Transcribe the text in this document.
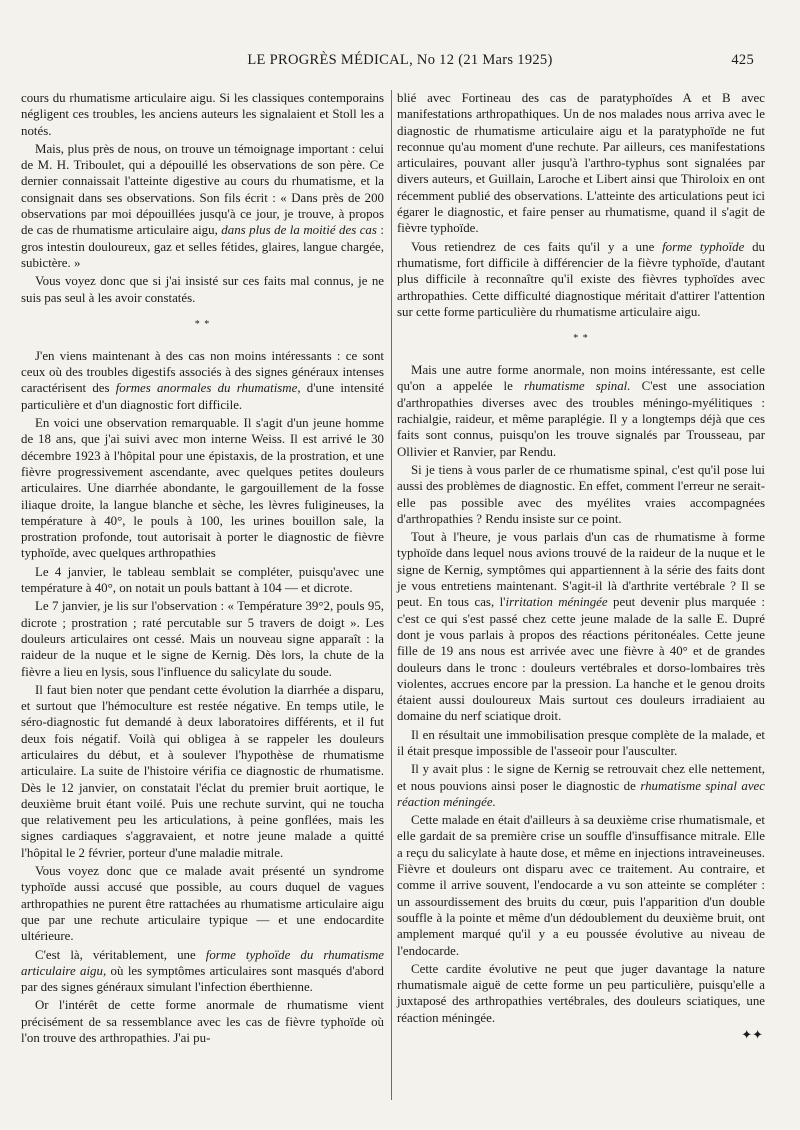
LE PROGRÈS MÉDICAL, No 12 (21 Mars 1925)	425

cours du rhumatisme articulaire aigu. Si les classiques contemporains négligent ces troubles, les anciens auteurs les signalaient et Stoll les a notés.

Mais, plus près de nous, on trouve un témoignage important : celui de M. H. Triboulet, qui a dépouillé les observations de son père. Ce dernier connaissait l'atteinte digestive au cours du rhumatisme, et la consignait dans ses observations. Son fils écrit : « Dans près de 200 observations par moi dépouillées jusqu'à ce jour, je trouve, à propos de cas de rhumatisme articulaire aigu, dans plus de la moitié des cas : gros intestin douloureux, gaz et selles fétides, glaires, langue chargée, subictère. »

Vous voyez donc que si j'ai insisté sur ces faits mal connus, je ne suis pas seul à les avoir constatés.

* *

J'en viens maintenant à des cas non moins intéressants : ce sont ceux où des troubles digestifs associés à des signes généraux intenses caractérisent des formes anormales du rhumatisme, d'une intensité particulière et d'un diagnostic fort difficile.

En voici une observation remarquable. Il s'agit d'un jeune homme de 18 ans, que j'ai suivi avec mon interne Weiss. Il est arrivé le 30 décembre 1923 à l'hôpital pour une épistaxis, de la prostration, et une fièvre progressivement ascendante, avec quelques petites douleurs articulaires. Une diarrhée abondante, le gargouillement de la fosse iliaque droite, la langue blanche et sèche, les lèvres fuligineuses, la température à 40°, le pouls à 100, les urines bouillon sale, la prostration profonde, tout autorisait à porter le diagnostic de fièvre typhoïde, avec quelques arthropathies

Le 4 janvier, le tableau semblait se compléter, puisqu'avec une température à 40°, on notait un pouls battant à 104 — et dicrote.

Le 7 janvier, je lis sur l'observation : « Température 39°2, pouls 95, dicrote ; prostration ; raté percutable sur 5 travers de doigt ». Les douleurs articulaires ont cessé. Mais un nouveau signe apparaît : la raideur de la nuque et le signe de Kernig. Dès lors, la chute de la fièvre a lieu en lysis, sous l'influence du salicylate du soude.

Il faut bien noter que pendant cette évolution la diarrhée a disparu, et surtout que l'hémoculture est restée négative. En temps utile, le séro-diagnostic fut demandé à deux laboratoires différents, et il fut deux fois négatif. Voilà qui obligea à se rappeler les douleurs articulaires du début, et à soulever l'hypothèse de rhumatisme articulaire. La suite de l'histoire vérifia ce diagnostic de rhumatisme. Dès le 12 janvier, on constatait l'éclat du premier bruit aortique, le deuxième bruit étant voilé. Puis une rechute survint, qui ne toucha que relativement peu les articulations, à peine gonflées, mais les signes cardiaques s'aggravaient, et notre jeune malade a quitté l'hôpital le 2 février, porteur d'une maladie mitrale.

Vous voyez donc que ce malade avait présenté un syndrome typhoïde aussi accusé que possible, au cours duquel de vagues arthropathies ne purent être rattachées au rhumatisme articulaire aigu que par une rechute articulaire typique — et une endocardite ultérieure.

C'est là, véritablement, une forme typhoïde du rhumatisme articulaire aigu, où les symptômes articulaires sont masqués d'abord par des signes généraux simulant l'infection éberthienne.

Or l'intérêt de cette forme anormale de rhumatisme vient précisément de sa ressemblance avec les cas de fièvre typhoïde où l'on trouve des arthropathies. J'ai pu-

blié avec Fortineau des cas de paratyphoïdes A et B avec manifestations arthropathiques. Un de nos malades nous arriva avec le diagnostic de rhumatisme articulaire aigu et la paratyphoïde ne fut reconnue qu'au moment d'une rechute. Par ailleurs, ces manifestations articulaires, pouvant aller jusqu'à l'arthro-typhus sont signalées par divers auteurs, et Guillain, Laroche et Libert ainsi que Thiroloix en ont récemment publié des observations. L'atteinte des articulations peut ici égarer le diagnostic, et faire penser au rhumatisme, quand il s'agit de fièvre typhoïde.

Vous retiendrez de ces faits qu'il y a une forme typhoïde du rhumatisme, fort difficile à différencier de la fièvre typhoïde, d'autant plus difficile à reconnaître qu'il existe des fièvres typhoïdes avec arthropathies. Cette difficulté diagnostique méritait d'attirer l'attention sur cette forme particulière du rhumatisme articulaire aigu.

* *

Mais une autre forme anormale, non moins intéressante, est celle qu'on a appelée le rhumatisme spinal. C'est une association d'arthropathies diverses avec des troubles méningo-myélitiques : rachialgie, raideur, et même paraplégie. Il y a longtemps déjà que ces faits sont connus, puisqu'on les trouve signalés par Trousseau, par Ollivier et Ranvier, par Rendu.

Si je tiens à vous parler de ce rhumatisme spinal, c'est qu'il pose lui aussi des problèmes de diagnostic. En effet, comment l'erreur ne serait-elle pas possible avec des myélites vraies accompagnées d'arthropathies ? Rendu insiste sur ce point.

Tout à l'heure, je vous parlais d'un cas de rhumatisme à forme typhoïde dans lequel nous avions trouvé de la raideur de la nuque et le signe de Kernig, symptômes qui appartiennent à la série des faits dont je vous entretiens maintenant. S'agit-il là d'arthrite vertébrale ? Il se peut. En tous cas, l'irritation méningée peut devenir plus marquée : c'est ce qui s'est passé chez cette jeune malade de la salle E. Dupré dont je vous parlais à propos des réactions péritonéales. Cette jeune fille de 19 ans nous est arrivée avec une fièvre à 40° et de grandes douleurs dans le tronc : douleurs vertébrales et dorso-lombaires très violentes, accrues encore par la pression. La hanche et le genou droits étaient aussi douloureux Mais surtout ces douleurs irradiaient au domaine du nerf sciatique droit.

Il en résultait une immobilisation presque complète de la malade, et il était presque impossible de l'asseoir pour l'ausculter.

Il y avait plus : le signe de Kernig se retrouvait chez elle nettement, et nous pouvions ainsi poser le diagnostic de rhumatisme spinal avec réaction méningée.

Cette malade en était d'ailleurs à sa deuxième crise rhumatismale, et elle gardait de sa première crise un souffle d'insuffisance mitrale. Elle a reçu du salicylate à haute dose, et même en injections intraveineuses. Fièvre et douleurs ont disparu avec ce traitement. Au contraire, et comme il arrive souvent, l'endocarde a vu son atteinte se compléter : un assourdissement des bruits du cœur, puis l'apparition d'un double souffle à la pointe et même d'un dédoublement du deuxième bruit, ont amplement marqué qu'il y a eu poussée évolutive au niveau de l'endocarde.

Cette cardite évolutive ne peut que juger davantage la nature rhumatismale aiguë de cette forme un peu particulière, puisqu'elle a juxtaposé des arthropathies vertébrales, des douleurs sciatiques, une réaction méningée.

✦✦
